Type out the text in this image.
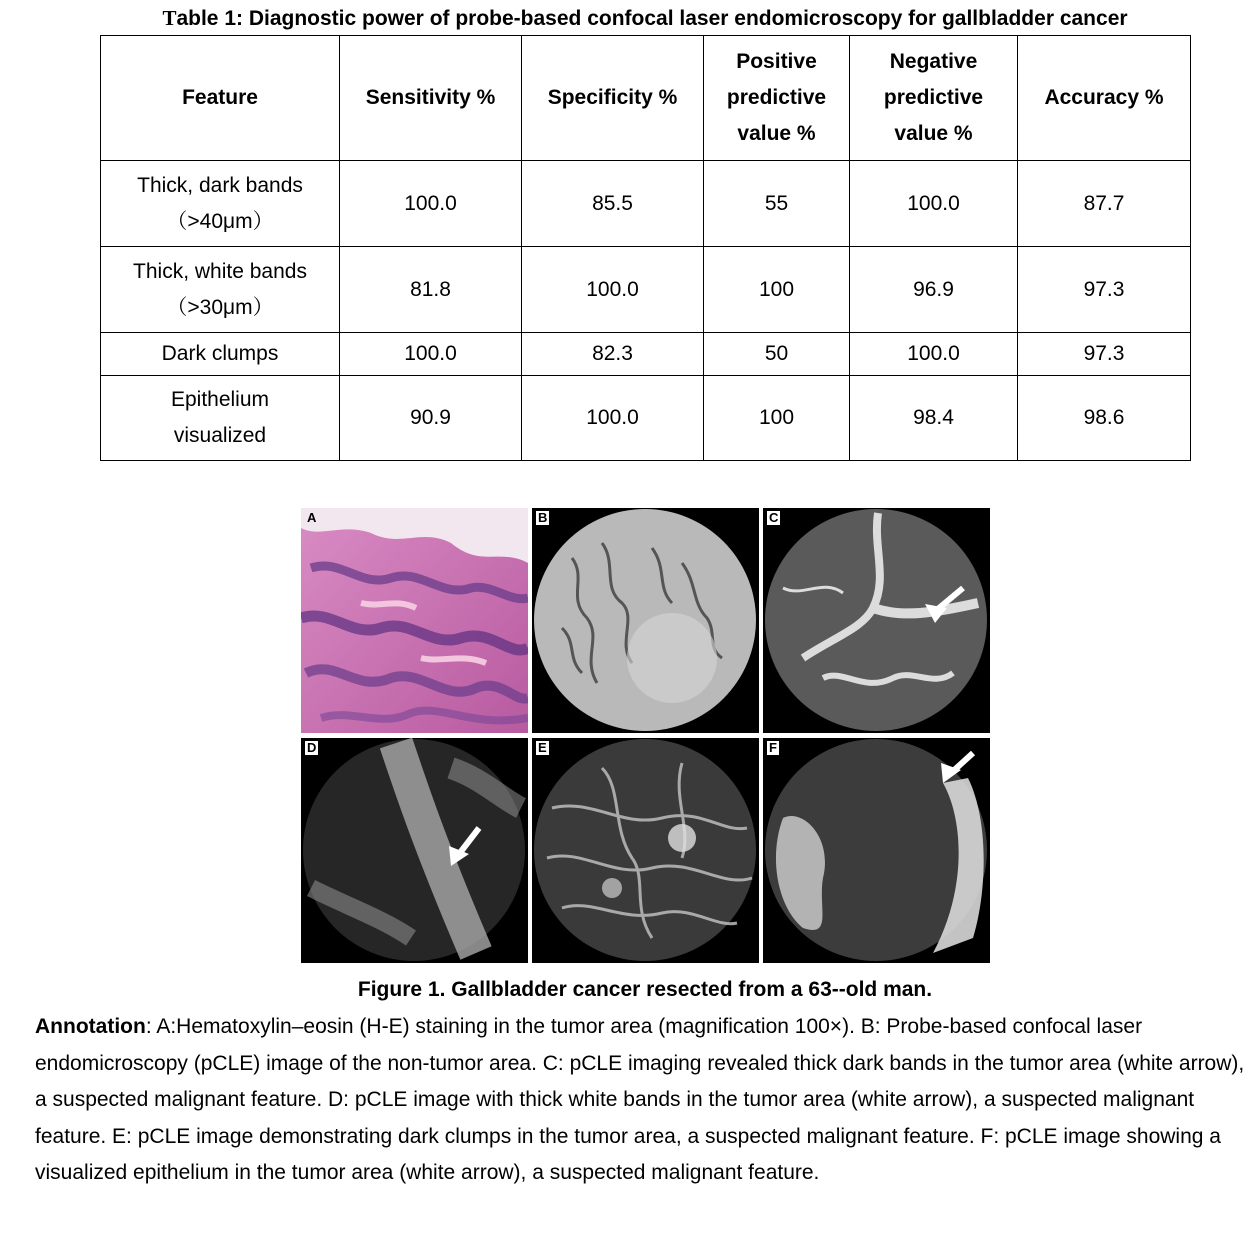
Table 1: Diagnostic power of probe-based confocal laser endomicroscopy for gallbladder cancer
Feature	Sensitivity %	Specificity %	Positive
predictive
value %	Negative
predictive
value %	Accuracy %
Thick, dark bands
（>40μm）	100.0	85.5	55	100.0	87.7
Thick, white bands
（>30μm）	81.8	100.0	100	96.9	97.3
Dark clumps	100.0	82.3	50	100.0	97.3
Epithelium
visualized	90.9	100.0	100	98.4	98.6
A	B	C
D	E	F
Figure 1. Gallbladder cancer resected from a 63--old man.
Annotation: A:Hematoxylin–eosin (H-E) staining in the tumor area (magnification 100×). B: Probe-based confocal laser endomicroscopy (pCLE) image of the non-tumor area. C: pCLE imaging revealed thick dark bands in the tumor area (white arrow), a suspected malignant feature. D: pCLE image with thick white bands in the tumor area (white arrow), a suspected malignant feature. E: pCLE image demonstrating dark clumps in the tumor area, a suspected malignant feature. F: pCLE image showing a visualized epithelium in the tumor area (white arrow), a suspected malignant feature.
